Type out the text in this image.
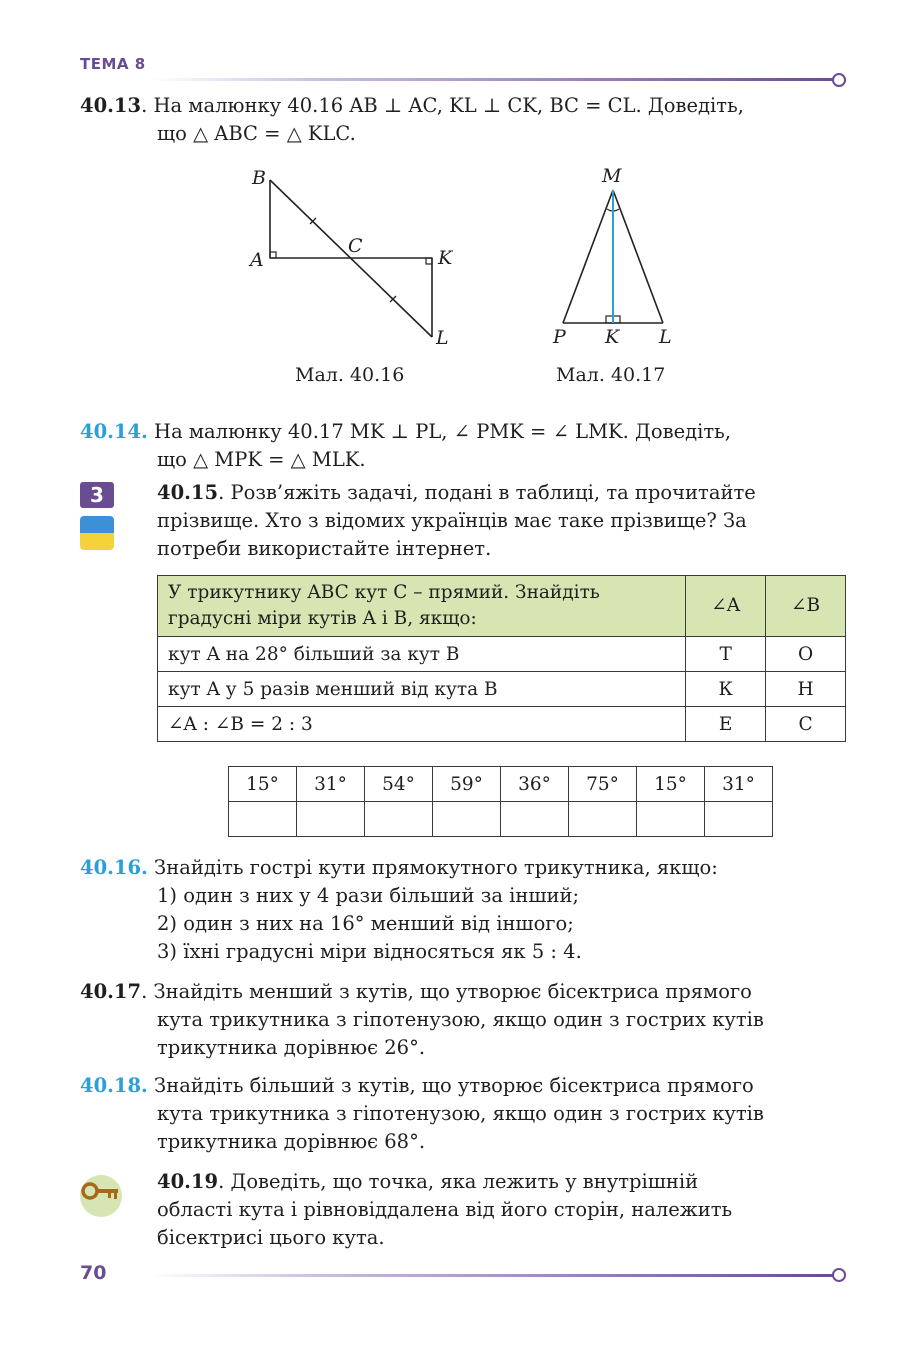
ТЕМА 8
40.13. На малюнку 40.16 AB ⊥ AC, KL ⊥ CK, BC = CL. Доведіть,
що △ ABC = △ KLC.
B
A
C
K
L
Мал. 40.16
M
P K L
Мал. 40.17
40.14. На малюнку 40.17 MK ⊥ PL, ∠ PMK = ∠ LMK. Доведіть,
що △ MPK = △ MLK.
3	40.15. Розв’яжіть задачі, подані в таблиці, та прочитайте
прізвище. Хто з відомих українців має таке прізвище? За
потреби використайте інтернет.
У трикутнику ABC кут C – прямий. Знайдіть
градусні міри кутів A і B, якщо:	∠A	∠B
кут A на 28° більший за кут B	Т	О
кут A у 5 разів менший від кута B	К	Н
∠A : ∠B = 2 : 3	Е	С
15°	31°	54°	59°	36°	75°	15°	31°

40.16. Знайдіть гострі кути прямокутного трикутника, якщо:
1) один з них у 4 рази більший за інший;
2) один з них на 16° менший від іншого;
3) їхні градусні міри відносяться як 5 : 4.
40.17. Знайдіть менший з кутів, що утворює бісектриса прямого
кута трикутника з гіпотенузою, якщо один з гострих кутів
трикутника дорівнює 26°.
40.18. Знайдіть більший з кутів, що утворює бісектриса прямого
кута трикутника з гіпотенузою, якщо один з гострих кутів
трикутника дорівнює 68°.
40.19. Доведіть, що точка, яка лежить у внутрішній
області кута і рівновіддалена від його сторін, належить
бісектрисі цього кута.
70
